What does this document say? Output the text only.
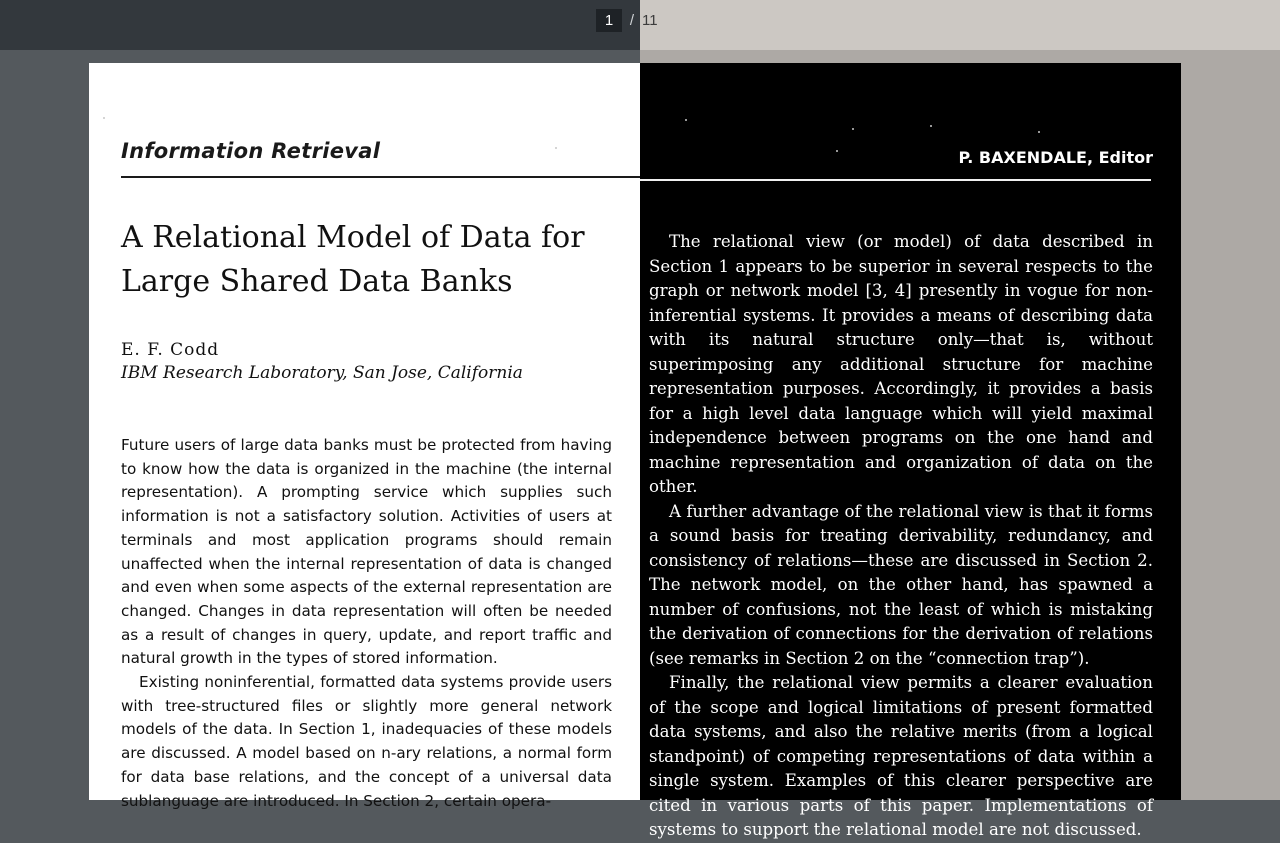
1	/ 11
Information Retrieval
A Relational Model of Data for Large Shared Data Banks
E. F. Codd
IBM Research Laboratory, San Jose, California

Future users of large data banks must be protected from having to know how the data is organized in the machine (the internal representation). A prompting service which supplies such information is not a satisfactory solution. Activities of users at terminals and most application programs should remain unaffected when the internal representation of data is changed and even when some aspects of the external representation are changed. Changes in data representation will often be needed as a result of changes in query, update, and report traffic and natural growth in the types of stored information.

Existing noninferential, formatted data systems provide users with tree-structured files or slightly more general network models of the data. In Section 1, inadequacies of these models are discussed. A model based on n-ary relations, a normal form for data base relations, and the concept of a universal data sublanguage are introduced. In Section 2, certain opera-

P. BAXENDALE, Editor

The relational view (or model) of data described in Section 1 appears to be superior in several respects to the graph or network model [3, 4] presently in vogue for non-inferential systems. It provides a means of describing data with its natural structure only—that is, without superimposing any additional structure for machine representation purposes. Accordingly, it provides a basis for a high level data language which will yield maximal independence between programs on the one hand and machine representation and organization of data on the other.

A further advantage of the relational view is that it forms a sound basis for treating derivability, redundancy, and consistency of relations—these are discussed in Section 2. The network model, on the other hand, has spawned a number of confusions, not the least of which is mistaking the derivation of connections for the derivation of relations (see remarks in Section 2 on the “connection trap”).

Finally, the relational view permits a clearer evaluation of the scope and logical limitations of present formatted data systems, and also the relative merits (from a logical standpoint) of competing representations of data within a single system. Examples of this clearer perspective are cited in various parts of this paper. Implementations of systems to support the relational model are not discussed.
